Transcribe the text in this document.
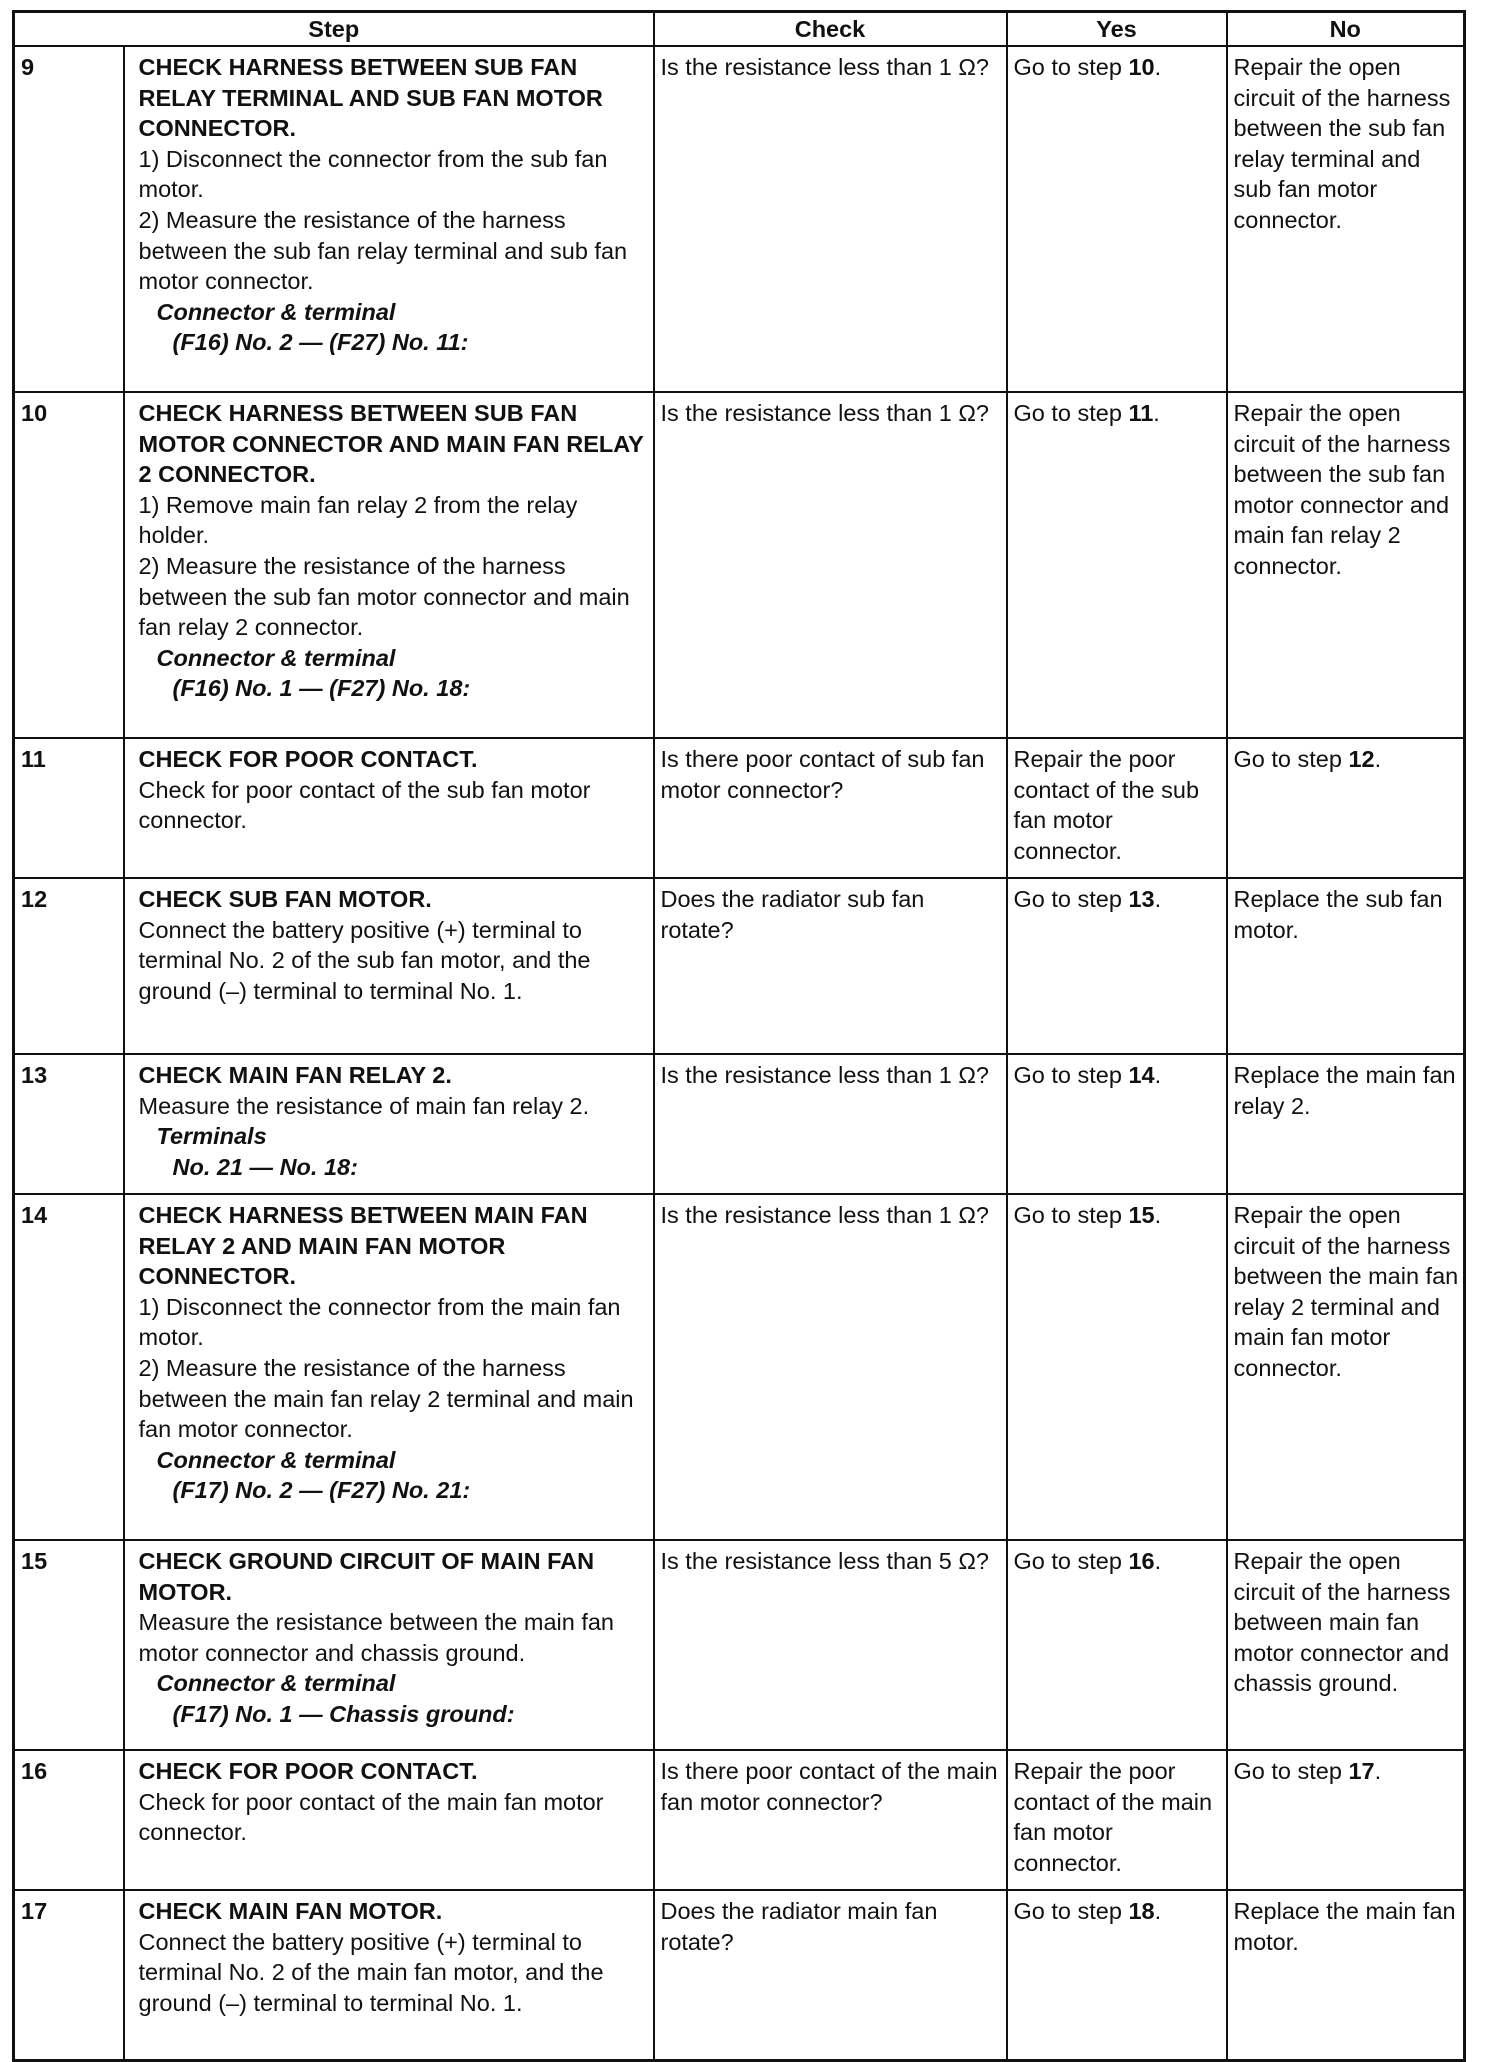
Step		Check	Yes	No
9	CHECK HARNESS BETWEEN SUB FAN RELAY TERMINAL AND SUB FAN MOTOR CONNECTOR.
1) Disconnect the connector from the sub fan motor.
2) Measure the resistance of the harness between the sub fan relay terminal and sub fan motor connector.
Connector & terminal
(F16) No. 2 — (F27) No. 11:	Is the resistance less than 1 Ω?	Go to step 10.	Repair the open circuit of the harness between the sub fan relay terminal and sub fan motor connector.
10	CHECK HARNESS BETWEEN SUB FAN MOTOR CONNECTOR AND MAIN FAN RELAY 2 CONNECTOR.
1) Remove main fan relay 2 from the relay holder.
2) Measure the resistance of the harness between the sub fan motor connector and main fan relay 2 connector.
Connector & terminal
(F16) No. 1 — (F27) No. 18:	Is the resistance less than 1 Ω?	Go to step 11.	Repair the open circuit of the harness between the sub fan motor connector and main fan relay 2 connector.
11	CHECK FOR POOR CONTACT.
Check for poor contact of the sub fan motor connector.	Is there poor contact of sub fan motor connector?	Repair the poor contact of the sub fan motor connector.	Go to step 12.
12	CHECK SUB FAN MOTOR.
Connect the battery positive (+) terminal to terminal No. 2 of the sub fan motor, and the ground (–) terminal to terminal No. 1.	Does the radiator sub fan rotate?	Go to step 13.	Replace the sub fan motor.
13	CHECK MAIN FAN RELAY 2.
Measure the resistance of main fan relay 2.
Terminals
No. 21 — No. 18:	Is the resistance less than 1 Ω?	Go to step 14.	Replace the main fan relay 2.
14	CHECK HARNESS BETWEEN MAIN FAN RELAY 2 AND MAIN FAN MOTOR CONNECTOR.
1) Disconnect the connector from the main fan motor.
2) Measure the resistance of the harness between the main fan relay 2 terminal and main fan motor connector.
Connector & terminal
(F17) No. 2 — (F27) No. 21:	Is the resistance less than 1 Ω?	Go to step 15.	Repair the open circuit of the harness between the main fan relay 2 terminal and main fan motor connector.
15	CHECK GROUND CIRCUIT OF MAIN FAN MOTOR.
Measure the resistance between the main fan motor connector and chassis ground.
Connector & terminal
(F17) No. 1 — Chassis ground:	Is the resistance less than 5 Ω?	Go to step 16.	Repair the open circuit of the harness between main fan motor connector and chassis ground.
16	CHECK FOR POOR CONTACT.
Check for poor contact of the main fan motor connector.	Is there poor contact of the main fan motor connector?	Repair the poor contact of the main fan motor connector.	Go to step 17.
17	CHECK MAIN FAN MOTOR.
Connect the battery positive (+) terminal to terminal No. 2 of the main fan motor, and the ground (–) terminal to terminal No. 1.	Does the radiator main fan rotate?	Go to step 18.	Replace the main fan motor.
